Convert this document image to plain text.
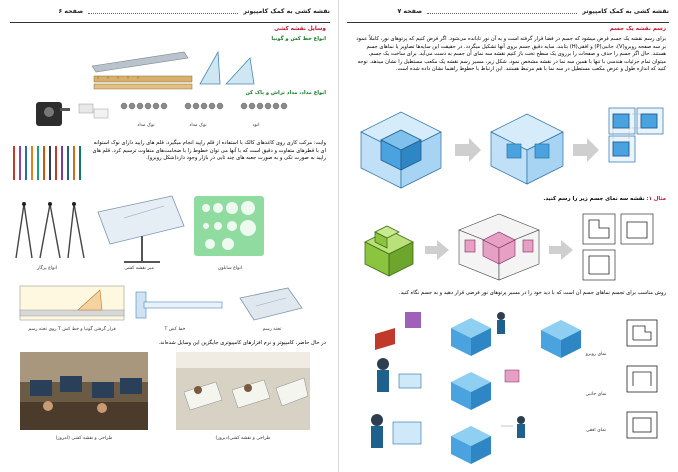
نقشه کشی به کمک کامپیوتر  صفحه ۶
وسایل نقشه کشی
انواع خط کش و گونیا
انواع مداد، مداد تراش و پاک کن
نوک مداد	نوک مداد	اتود
وایت: مرکب کاری روی کاغذهای کالک با استفاده از قلم راپید انجام میگیرد. قلم های راپید دارای نوک استوانه ای با قطرهای متفاوت و دقیق است که با آنها می توان خطوط را با ضخامت‌های متفاوت ترسیم کرد. قلم های راپید به صورت تکی و به صورت جعبه های چند تایی در بازار وجود دارد(شکل روبرو).
انواع پرگار	میز نقشه کشی	انواع شابلون
قرار گرفتن گونیا و خط کش T روی تخته رسم	خط کش T	تخته رسم
در حال حاضر، کامپیوتر و نرم افزارهای کامپیوتری جایگزین این وسایل شده‌اند.
طراحی و نقشه کشی (امروز)	طراحی و نقشه کشی(دیروز)
نقشه کشی به کمک کامپیوتر  صفحه ۷
رسم نقشه یک جسم
برای رسم نقشه یک جسم فرض میشود که جسم در فضا قرار گرفته است و به آن نور تابانده می‌شود. اگر فرض کنیم که پرتوهای نور، کاملاً عمود بر سه صفحه روبرو(V)، جانبی(P) و افقی(H) بتابند، سایه دقیق جسم بروی آنها تشکیل میگردد. در حقیقت این سایه‌ها تصاویر یا نماهای جسم هستند. حال اگر جسم را حذف و صفحات را برروی یک سطح تخت باز کنیم نقشه سه نمای آن جسم به دست می‌آید. برای ساخت یک جسم، میتوان تمام جزئیات هندسی با تنها با همین سه نما در نقشه مشخص نمود. شکل زیر، مسیر رسم نقشه یک مکعب مستطیل را نشان میدهد. توجه کنید که اندازه طول و عرض مکعب مستطیل در سه نما با هم مرتبط هستند. این ارتباط با خطوط راهنما نشان داده شده است.
مثال ۱: نقشه سه نمای جسم زیر را رسم کنید.
روش مناسب برای تجسم نماهای جسم آن است که با دید خود را در مسیر پرتوهای نور فرضی قرار دهید و به جسم نگاه کنید.
نمای روبرو
نمای جانبی
نمای افقی
